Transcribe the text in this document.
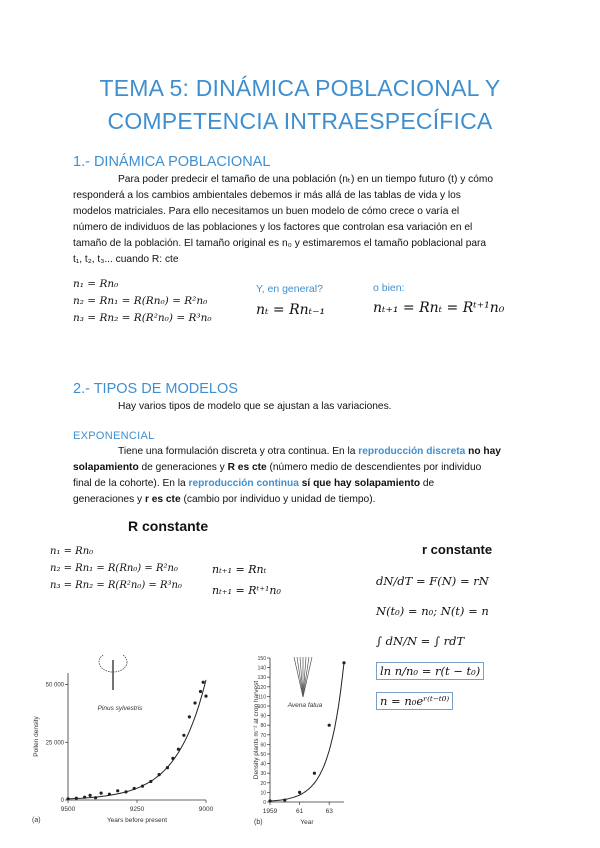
TEMA 5: DINÁMICA POBLACIONAL Y
COMPETENCIA INTRAESPECÍFICA
1.- DINÁMICA POBLACIONAL
Para poder predecir el tamaño de una población (nₜ) en un tiempo futuro (t) y cómo
responderá a los cambios ambientales debemos ir más allá de las tablas de vida y los
modelos matriciales. Para ello necesitamos un buen modelo de cómo crece o varía el
número de individuos de las poblaciones y los factores que controlan esa variación en el
tamaño de la población. El tamaño original es n₀ y estimaremos el tamaño poblacional para
t₁, t₂, t₃... cuando R: cte
n₁ = Rn₀
n₂ = Rn₁ = R(Rn₀) = R²n₀
n₃ = Rn₂ = R(R²n₀) = R³n₀
Y, en general?
nₜ = Rnₜ₋₁
o bien:
nₜ₊₁ = Rnₜ = Rᵗ⁺¹n₀
2.- TIPOS DE MODELOS
Hay varios tipos de modelo que se ajustan a las variaciones.
EXPONENCIAL
Tiene una formulación discreta y otra continua. En la reproducción discreta no hay
solapamiento de generaciones y R es cte (número medio de descendientes por individuo
final de la cohorte). En la reproducción continua sí que hay solapamiento de
generaciones y r es cte (cambio por individuo y unidad de tiempo).
R constante
n₁ = Rn₀
n₂ = Rn₁ = R(Rn₀) = R²n₀
n₃ = Rn₂ = R(R²n₀) = R³n₀
nₜ₊₁ = Rnₜ
nₜ₊₁ = Rᵗ⁺¹n₀
r constante
dN/dT = F(N) = rN
N(t₀) = n₀; N(t) = n
∫ dN/N = ∫ rdT
ln n/n₀ = r(t − t₀)
n = n₀eʳ⁽ᵗ⁻ᵗ⁰⁾
9500	9250	9000
0
25 000
50 000
Pinus sylvestris
Years before present
Pollen density
(a)
1959	61	63
0
10
20
30
40
50
60
70
80
90
100
110
120
130
140
150
Avena fatua
Year
Density plants m⁻² at crop harvest
(b)
